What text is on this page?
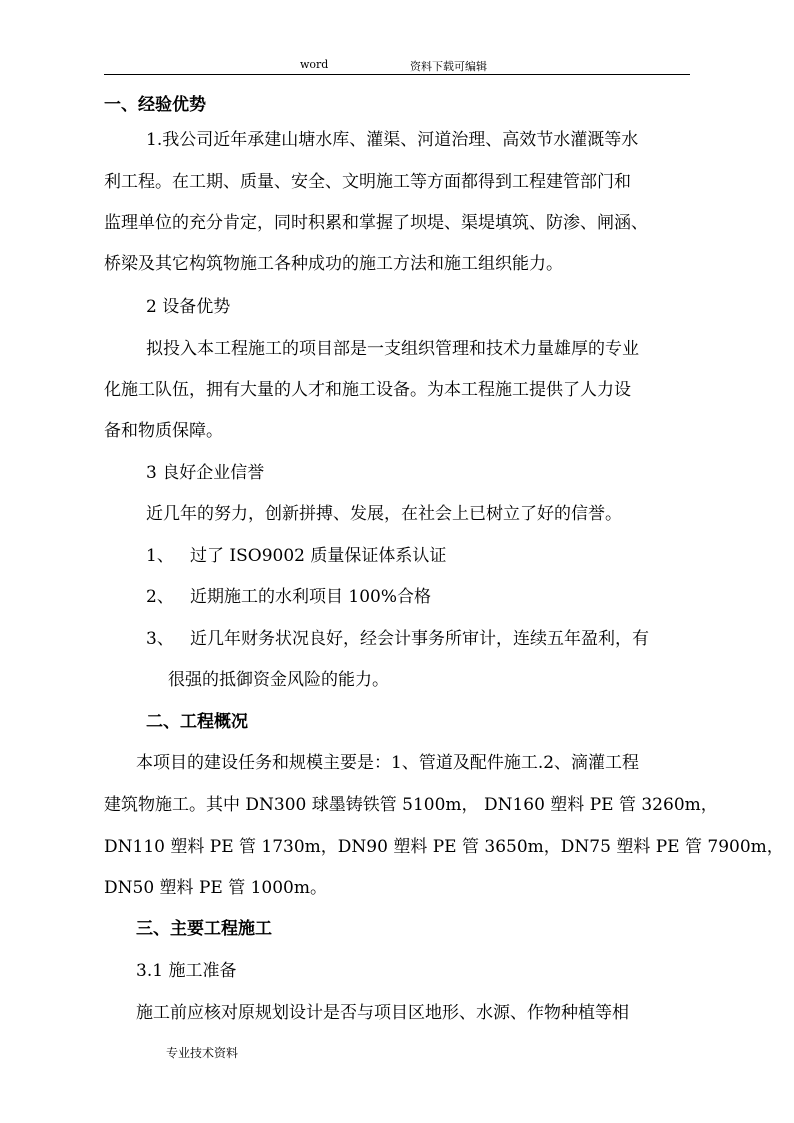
word	资料下载可编辑
一、经验优势
1.我公司近年承建山塘水库、灌渠、河道治理、高效节水灌溉等水
利工程。在工期、质量、安全、文明施工等方面都得到工程建管部门和
监理单位的充分肯定，同时积累和掌握了坝堤、渠堤填筑、防渗、闸涵、
桥梁及其它构筑物施工各种成功的施工方法和施工组织能力。
2 设备优势
拟投入本工程施工的项目部是一支组织管理和技术力量雄厚的专业
化施工队伍，拥有大量的人才和施工设备。为本工程施工提供了人力设
备和物质保障。
3 良好企业信誉
近几年的努力，创新拼搏、发展，在社会上已树立了好的信誉。
1、 过了 ISO9002 质量保证体系认证
2、 近期施工的水利项目 100%合格
3、 近几年财务状况良好，经会计事务所审计，连续五年盈利，有
很强的抵御资金风险的能力。
二、工程概况
本项目的建设任务和规模主要是：1、管道及配件施工.2、滴灌工程
建筑物施工。其中 DN300 球墨铸铁管 5100m， DN160 塑料 PE 管 3260m，
DN110 塑料 PE 管 1730m，DN90 塑料 PE 管 3650m，DN75 塑料 PE 管 7900m，
DN50 塑料 PE 管 1000m。
三、主要工程施工
3.1 施工准备
施工前应核对原规划设计是否与项目区地形、水源、作物种植等相
专业技术资料
